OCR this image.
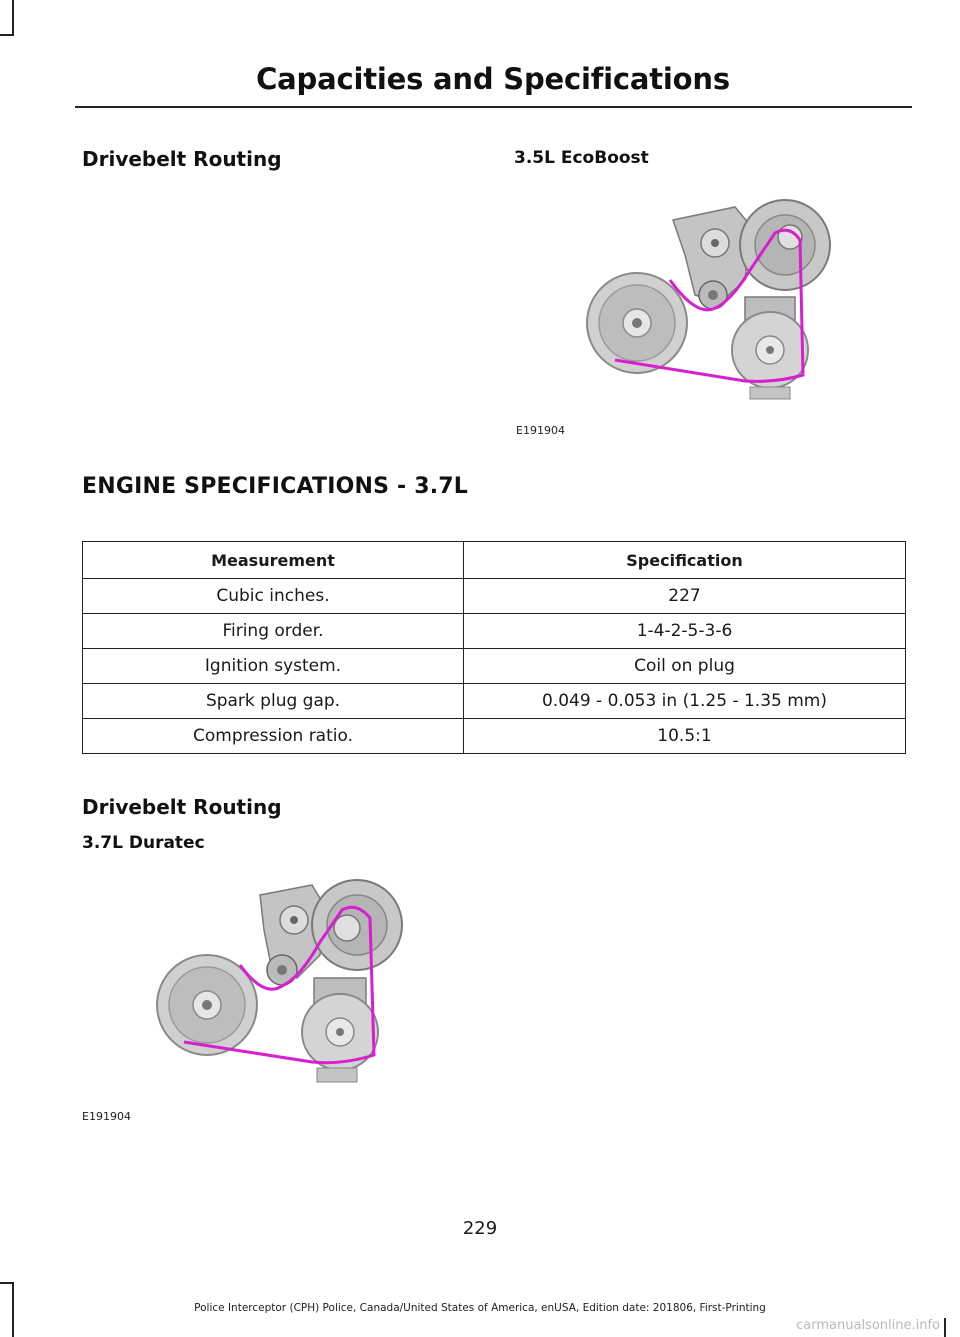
Capacities and Specifications
Drivebelt Routing	3.5L EcoBoost
E191904
ENGINE SPECIFICATIONS - 3.7L
Measurement	Specification
Cubic inches.	227
Firing order.	1-4-2-5-3-6
Ignition system.	Coil on plug
Spark plug gap.	0.049 - 0.053 in (1.25 - 1.35 mm)
Compression ratio.	10.5:1
Drivebelt Routing
3.7L Duratec
E191904
229
Police Interceptor (CPH) Police, Canada/United States of America, enUSA, Edition date: 201806, First-Printing
carmanualsonline.info
